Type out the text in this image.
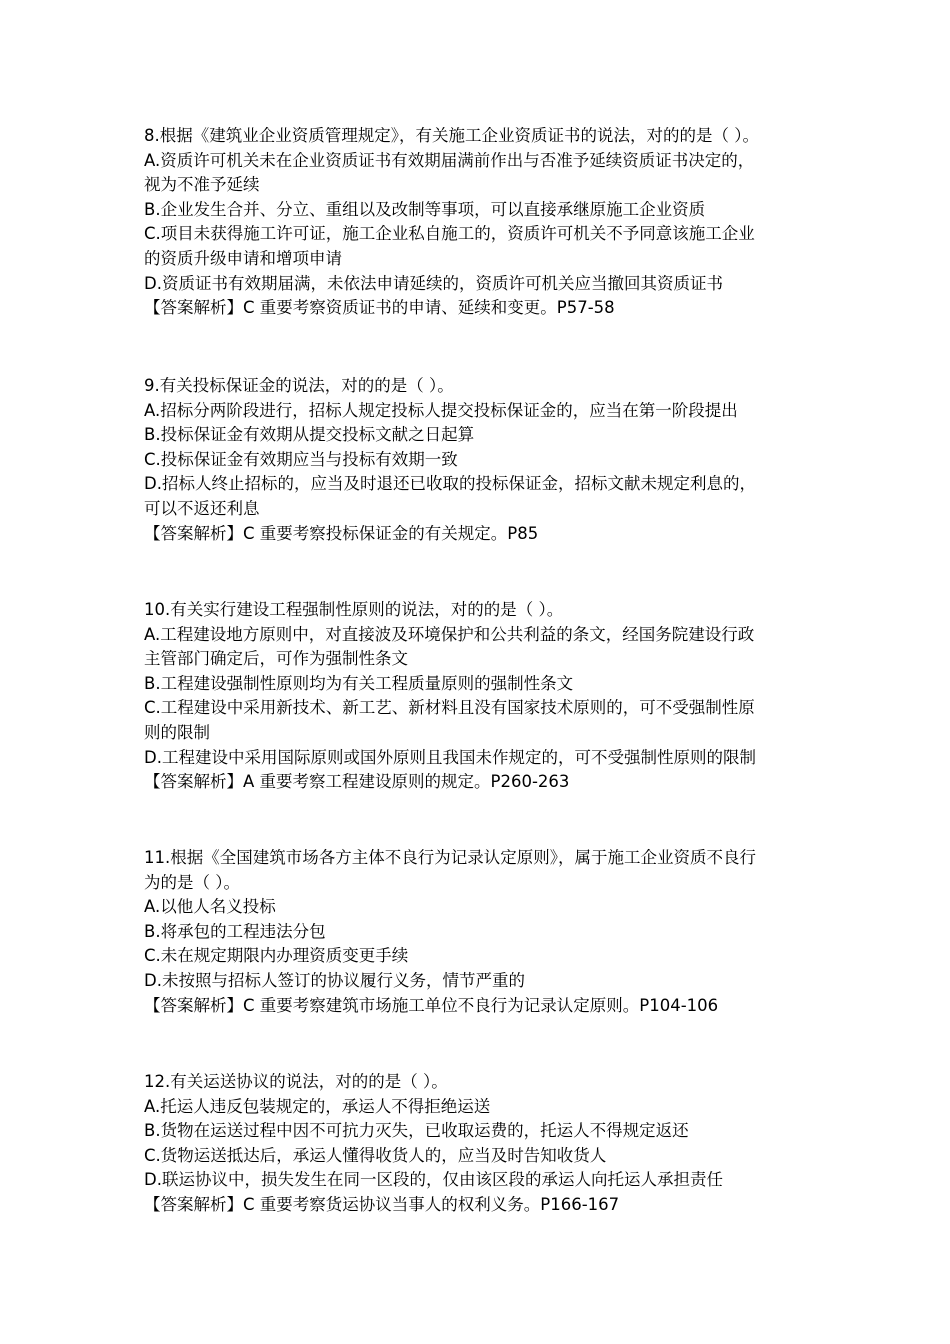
8.根据《建筑业企业资质管理规定》，有关施工企业资质证书的说法，对的的是（ ）。
A.资质许可机关未在企业资质证书有效期届满前作出与否准予延续资质证书决定的，
视为不准予延续
B.企业发生合并、分立、重组以及改制等事项，可以直接承继原施工企业资质
C.项目未获得施工许可证，施工企业私自施工的，资质许可机关不予同意该施工企业
的资质升级申请和增项申请
D.资质证书有效期届满，未依法申请延续的，资质许可机关应当撤回其资质证书
【答案解析】C 重要考察资质证书的申请、延续和变更。P57-58
9.有关投标保证金的说法，对的的是（ ）。
A.招标分两阶段进行，招标人规定投标人提交投标保证金的，应当在第一阶段提出
B.投标保证金有效期从提交投标文献之日起算
C.投标保证金有效期应当与投标有效期一致
D.招标人终止招标的，应当及时退还已收取的投标保证金，招标文献未规定利息的，
可以不返还利息
【答案解析】C 重要考察投标保证金的有关规定。P85
10.有关实行建设工程强制性原则的说法，对的的是（ ）。
A.工程建设地方原则中，对直接波及环境保护和公共利益的条文，经国务院建设行政
主管部门确定后，可作为强制性条文
B.工程建设强制性原则均为有关工程质量原则的强制性条文
C.工程建设中采用新技术、新工艺、新材料且没有国家技术原则的，可不受强制性原
则的限制
D.工程建设中采用国际原则或国外原则且我国未作规定的，可不受强制性原则的限制
【答案解析】A 重要考察工程建设原则的规定。P260-263
11.根据《全国建筑市场各方主体不良行为记录认定原则》，属于施工企业资质不良行
为的是（ ）。
A.以他人名义投标
B.将承包的工程违法分包
C.未在规定期限内办理资质变更手续
D.未按照与招标人签订的协议履行义务，情节严重的
【答案解析】C 重要考察建筑市场施工单位不良行为记录认定原则。P104-106
12.有关运送协议的说法，对的的是（ ）。
A.托运人违反包装规定的，承运人不得拒绝运送
B.货物在运送过程中因不可抗力灭失，已收取运费的，托运人不得规定返还
C.货物运送抵达后，承运人懂得收货人的，应当及时告知收货人
D.联运协议中，损失发生在同一区段的，仅由该区段的承运人向托运人承担责任
【答案解析】C 重要考察货运协议当事人的权利义务。P166-167
